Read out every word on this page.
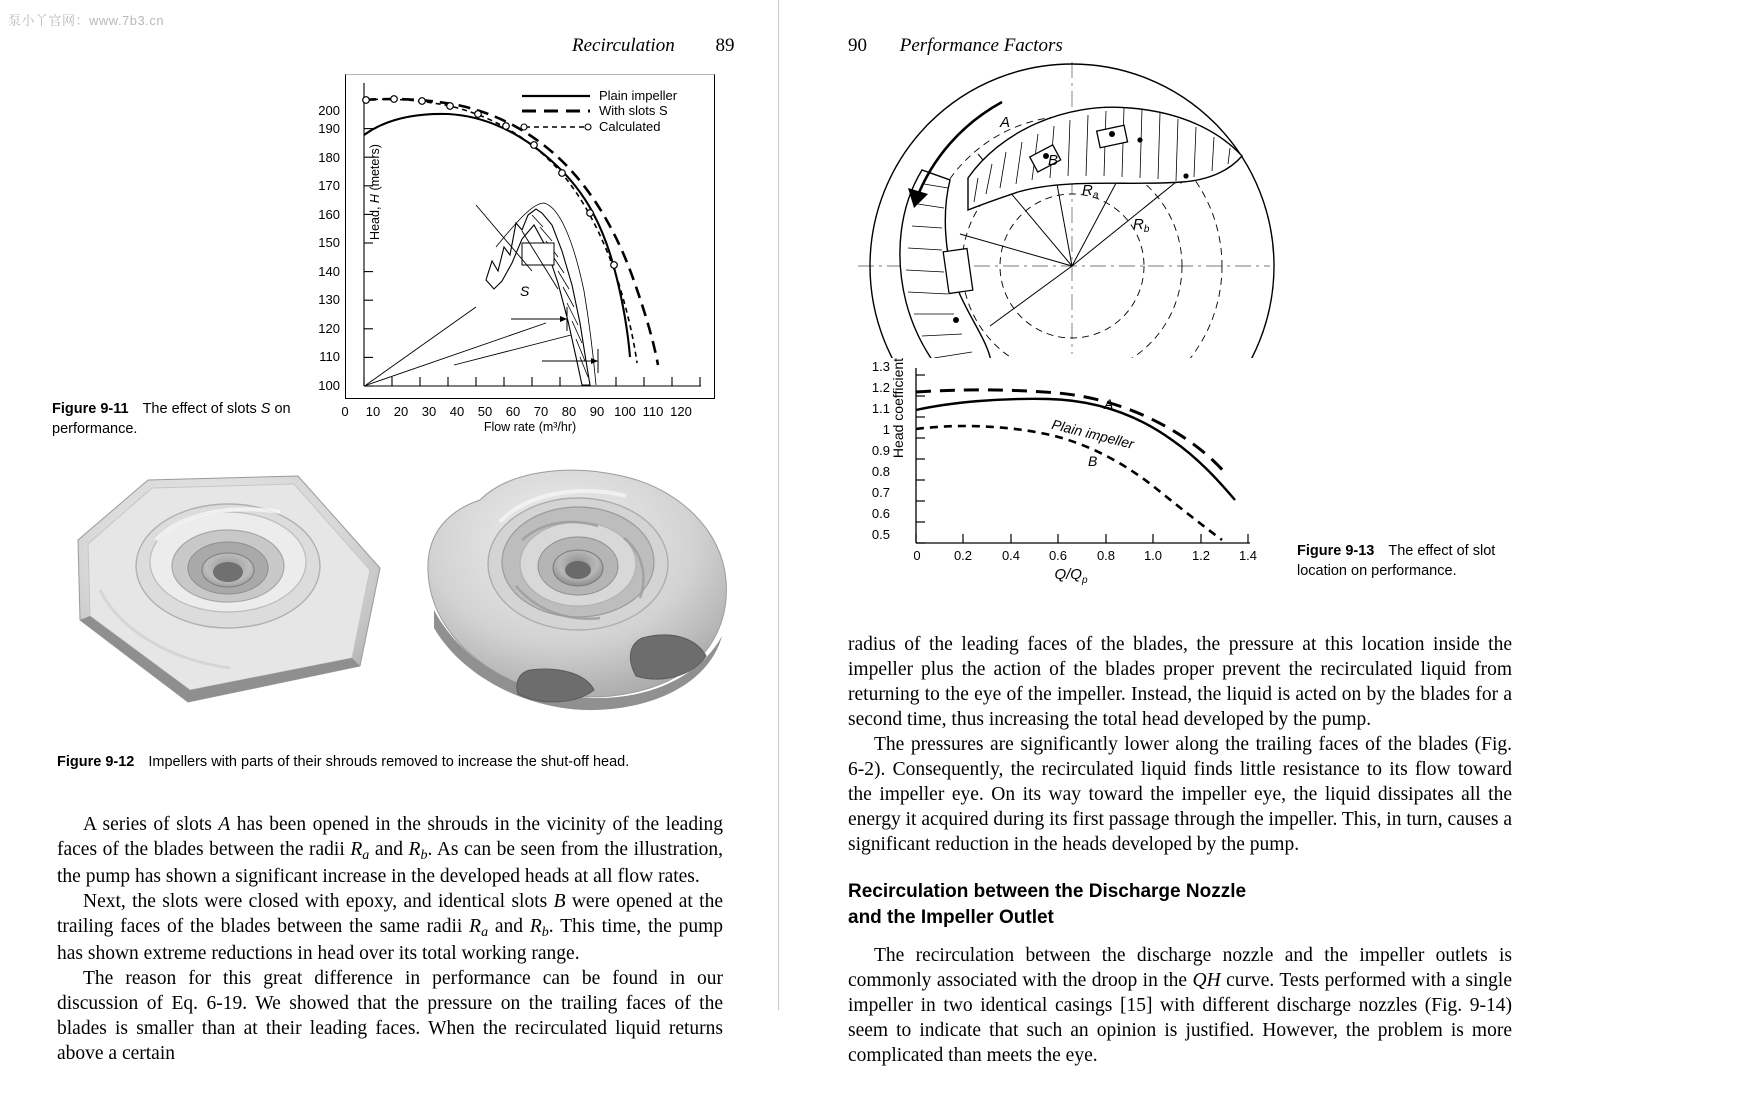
泵小丫官网：www.7b3.cn
Recirculation 89	90 Performance Factors
100
110
120
130
140
150
160
170
180
190
200
Head, H (meters)
0	10	20	30	40	50	60	70	80	90 100 110 120
Flow rate (m³/hr)
Plain impeller
With slots S
Calculated
S
Figure 9-11 The effect of slots S on performance.
Figure 9-12 Impellers with parts of their shrouds removed to increase the shut-off head.

A series of slots A has been opened in the shrouds in the vicinity of the leading faces of the blades between the radii $R_a$ and $R_b$. As can be seen from the illustration, the pump has shown a significant increase in the developed heads at all flow rates.

Next, the slots were closed with epoxy, and identical slots B were opened at the trailing faces of the blades between the same radii $R_a$ and $R_b$. This time, the pump has shown extreme reductions in head over its total working range.

The reason for this great difference in performance can be found in our discussion of Eq. 6-19. We showed that the pressure on the trailing faces of the blades is smaller than at their leading faces. When the recirculated liquid returns above a certain

A
B
$R_a$
$R_b$
1.3
1.2
1.1
1
0.9
0.8
0.7
0.6
0.5
Head coefficient
0	0.2	0.4	0.6	0.8	1.0	1.2	1.4
$Q/Q_p$
A
Plain impeller
B
Figure 9-13 The effect of slot location on performance.

radius of the leading faces of the blades, the pressure at this location inside the impeller plus the action of the blades proper prevent the recirculated liquid from returning to the eye of the impeller. Instead, the liquid is acted on by the blades for a second time, thus increasing the total head developed by the pump.

The pressures are significantly lower along the trailing faces of the blades (Fig. 6-2). Consequently, the recirculated liquid finds little resistance to its flow toward the impeller eye. On its way toward the impeller eye, the liquid dissipates all the energy it acquired during its first passage through the impeller. This, in turn, causes a significant reduction in the heads developed by the pump.

Recirculation between the Discharge Nozzle

and the Impeller Outlet

The recirculation between the discharge nozzle and the impeller outlets is commonly associated with the droop in the QH curve. Tests performed with a single impeller in two identical casings [15] with different discharge nozzles (Fig. 9-14) seem to indicate that such an opinion is justified. However, the problem is more complicated than meets the eye.
